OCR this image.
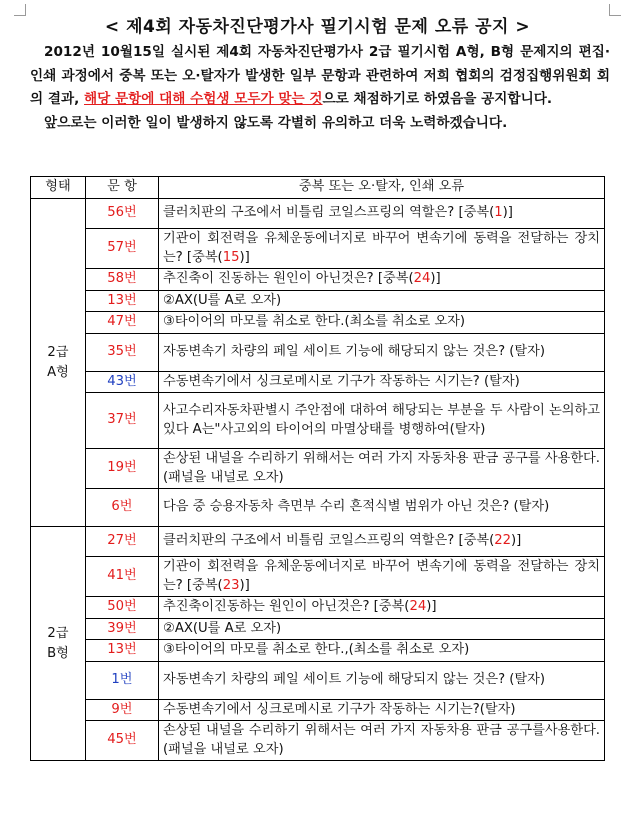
< 제4회 자동차진단평가사 필기시험 문제 오류 공지 >

2012년 10월15일 실시된 제4회 자동차진단평가사 2급 필기시험 A형, B형 문제지의 편집·인쇄 과정에서 중복 또는 오·탈자가 발생한 일부 문항과 관련하여 저희 협회의 검정집행위원회 회의 결과, 해당 문항에 대해 수험생 모두가 맞는 것으로 채점하기로 하였음을 공지합니다.

앞으로는 이러한 일이 발생하지 않도록 각별히 유의하고 더욱 노력하겠습니다.

형태	문 항	중복 또는 오·탈자, 인쇄 오류

2급
A형	56번	클러치판의 구조에서 비틀림 코일스프링의 역할은? [중복(1)]
	57번	기관이 회전력을 유체운동에너지로 바꾸어 변속기에 동력을 전달하는 장치는? [중복(15)]
	58번	추진축이 진동하는 원인이 아닌것은? [중복(24)]
	13번	②AX(U를 A로 오자)
	47번	③타이어의 마모를 취소로 한다.(최소를 취소로 오자)
	35번	자동변속기 차량의 페일 세이트 기능에 해당되지 않는 것은? (탈자)
	43번	수동변속기에서 싱크로메시로 기구가 작동하는 시기는? (탈자)
	37번	사고수리자동차판별시 주안점에 대하여 해당되는 부분을 두 사람이 논의하고있다 A는"사고외의 타이어의 마멸상태를 병행하여(탈자)
	19번	손상된 내널을 수리하기 위해서는 여러 가지 자동차용 판금 공구를 사용한다.(패널을 내널로 오자)
	6번	다음 중 승용자동차 측면부 수리 흔적식별 범위가 아닌 것은? (탈자)

2급
B형	27번	클러치판의 구조에서 비틀림 코일스프링의 역할은? [중복(22)]
	41번	기관이 회전력을 유체운동에너지로 바꾸어 변속기에 동력을 전달하는 장치는? [중복(23)]
	50번	추진축이진동하는 원인이 아닌것은? [중복(24)]
	39번	②AX(U를 A로 오자)
	13번	③타이어의 마모를 취소로 한다.,(최소를 취소로 오자)
	1번	자동변속기 차량의 페일 세이트 기능에 해당되지 않는 것은? (탈자)
	9번	수동변속기에서 싱크로메시로 기구가 작동하는 시기는?(탈자)
	45번	손상된 내널을 수리하기 위해서는 여러 가지 자동차용 판금 공구를사용한다.(패널을 내널로 오자)
